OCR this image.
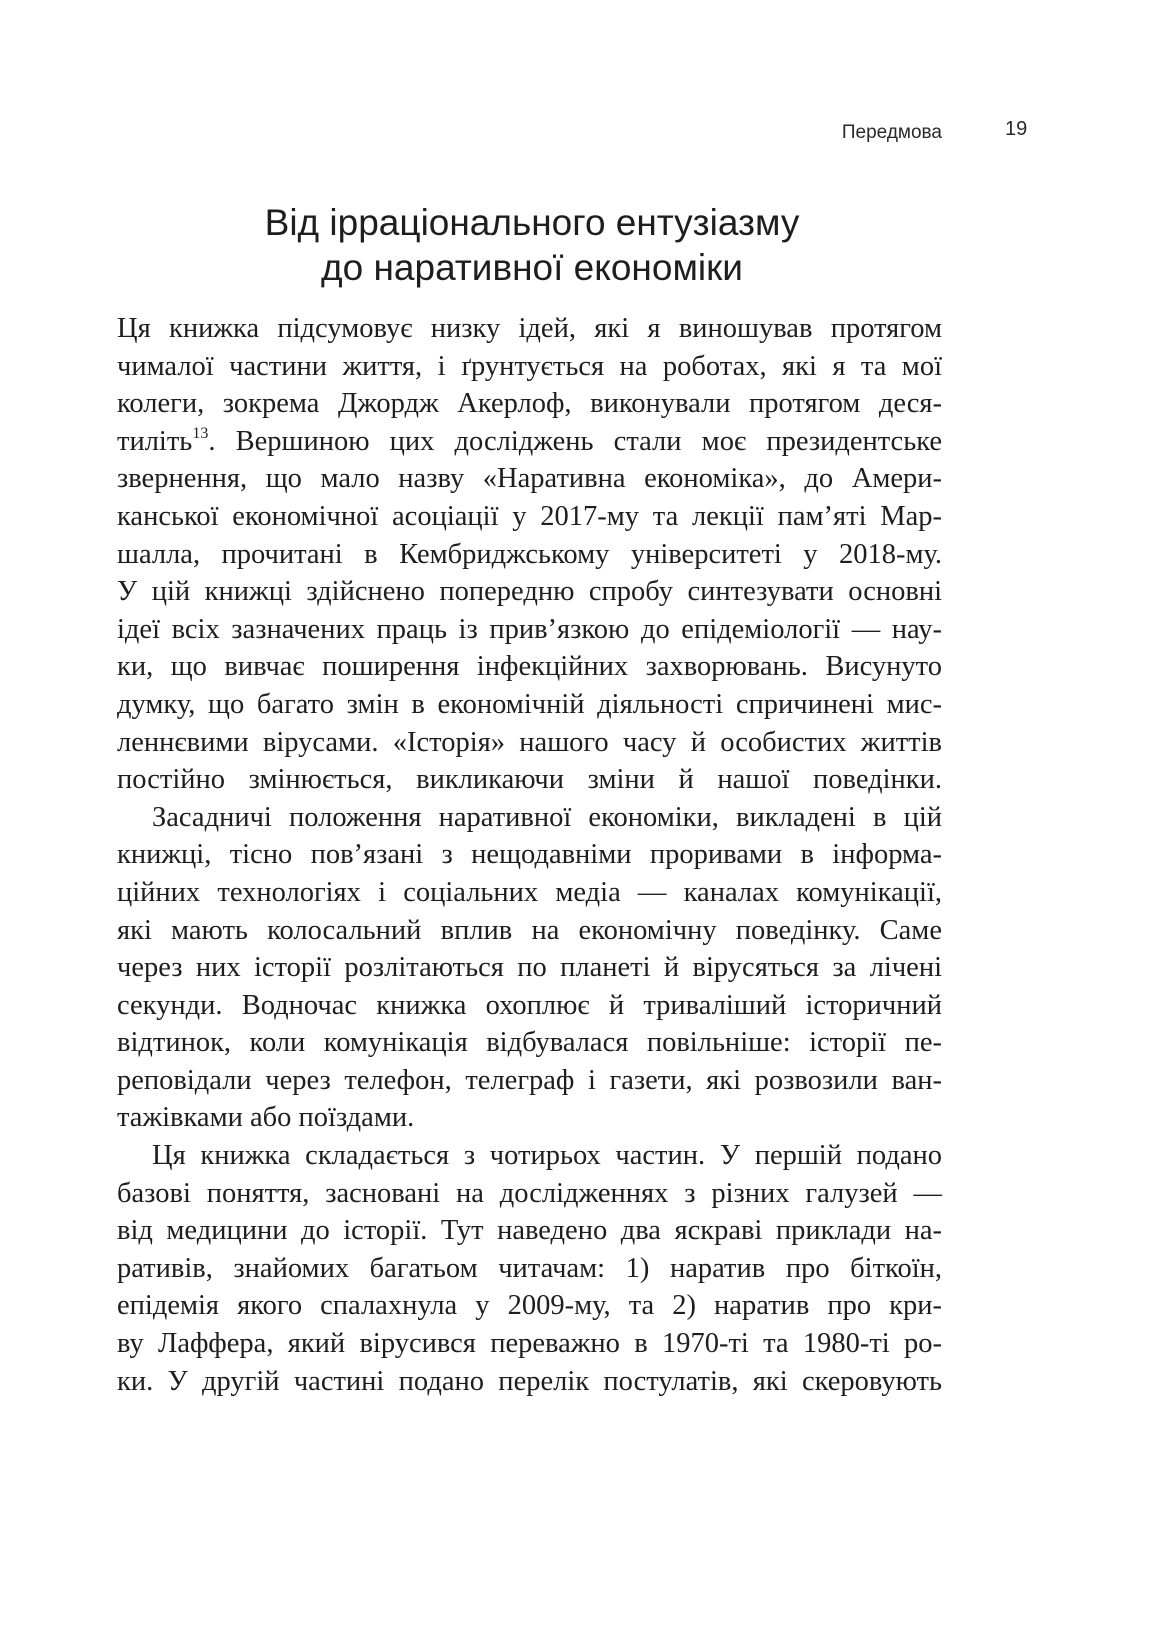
Передмова	19
Від ірраціонального ентузіазму
до наративної економіки
Ця книжка підсумовує низку ідей, які я виношував протягом
чималої частини життя, і ґрунтується на роботах, які я та мої
колеги, зокрема Джордж Акерлоф, виконували протягом деся-
тиліть$^{13}$. Вершиною цих досліджень стали моє президентське
звернення, що мало назву «Наративна економіка», до Амери-
канської економічної асоціації у 2017-му та лекції пам’яті Мар-
шалла, прочитані в Кембриджському університеті у 2018-му.
У цій книжці здійснено попередню спробу синтезувати основні
ідеї всіх зазначених праць із прив’язкою до епідеміології — нау-
ки, що вивчає поширення інфекційних захворювань. Висунуто
думку, що багато змін в економічній діяльності спричинені мис-
леннєвими вірусами. «Історія» нашого часу й особистих життів
постійно змінюється, викликаючи зміни й нашої поведінки.
Засадничі положення наративної економіки, викладені в цій
книжці, тісно пов’язані з нещодавніми проривами в інформа-
ційних технологіях і соціальних медіа — каналах комунікації,
які мають колосальний вплив на економічну поведінку. Саме
через них історії розлітаються по планеті й вірусяться за лічені
секунди. Водночас книжка охоплює й триваліший історичний
відтинок, коли комунікація відбувалася повільніше: історії пе-
реповідали через телефон, телеграф і газети, які розвозили ван-
тажівками або поїздами.
Ця книжка складається з чотирьох частин. У першій подано
базові поняття, засновані на дослідженнях з різних галузей —
від медицини до історії. Тут наведено два яскраві приклади на-
ративів, знайомих багатьом читачам: 1) наратив про біткоїн,
епідемія якого спалахнула у 2009-му, та 2) наратив про кри-
ву Лаффера, який вірусився переважно в 1970-ті та 1980-ті ро-
ки. У другій частині подано перелік постулатів, які скеровують
